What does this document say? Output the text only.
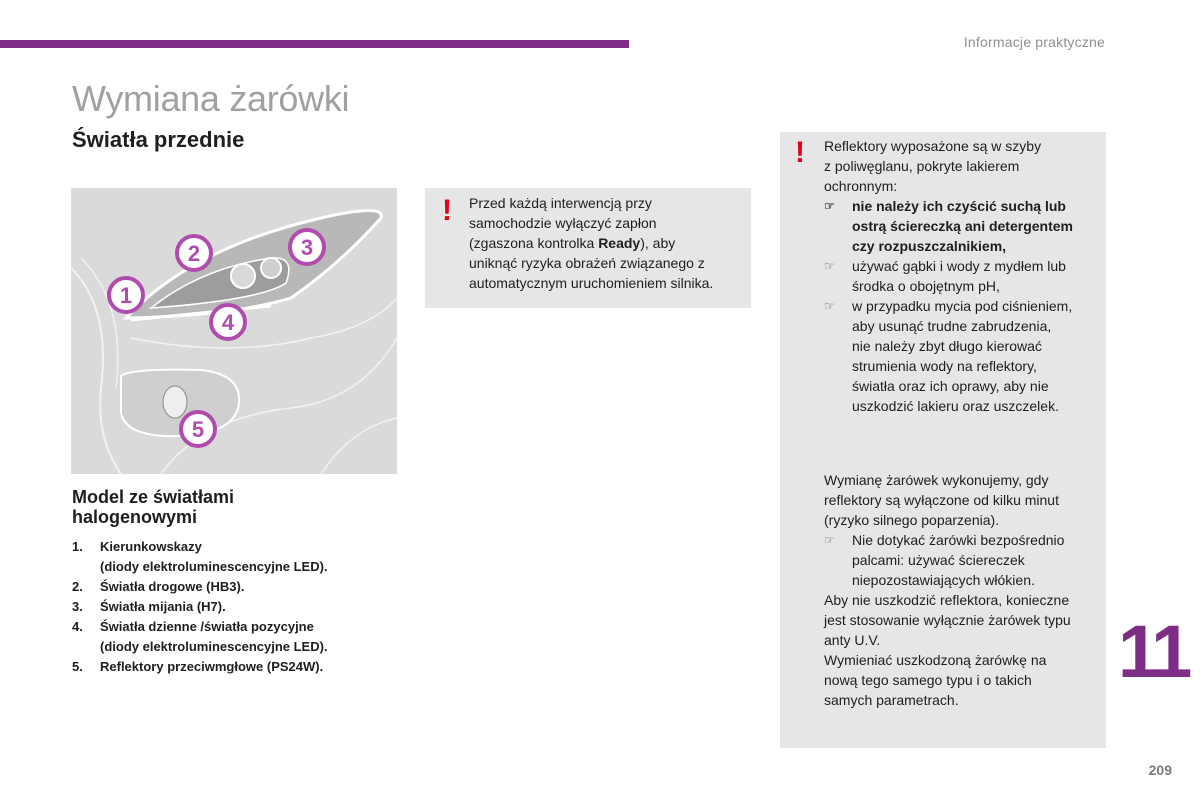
Informacje praktyczne
Wymiana żarówki
Światła przednie
1
2	3
4
5
Model ze światłami
halogenowymi
1.	Kierunkowskazy
(diody elektroluminescencyjne LED).
2.	Światła drogowe (HB3).
3.	Światła mijania (H7).
4.	Światła dzienne /światła pozycyjne
(diody elektroluminescencyjne LED).
5.	Reflektory przeciwmgłowe (PS24W).
! Przed każdą interwencją przy
samochodzie wyłączyć zapłon
(zgaszona kontrolka Ready), aby
uniknąć ryzyka obrażeń związanego z
automatycznym uruchomieniem silnika.

! Reflektory wyposażone są w szyby
z poliwęglanu, pokryte lakierem
ochronnym:

☞ nie należy ich czyścić suchą lub
ostrą ściereczką ani detergentem
czy rozpuszczalnikiem,
☞ używać gąbki i wody z mydłem lub
środka o obojętnym pH,
☞ w przypadku mycia pod ciśnieniem,
aby usunąć trudne zabrudzenia,
nie należy zbyt długo kierować
strumienia wody na reflektory,
światła oraz ich oprawy, aby nie
uszkodzić lakieru oraz uszczelek.

Wymianę żarówek wykonujemy, gdy
reflektory są wyłączone od kilku minut
(ryzyko silnego poparzenia).

☞ Nie dotykać żarówki bezpośrednio
palcami: używać ściereczek
niepozostawiających włókien.

Aby nie uszkodzić reflektora, konieczne
jest stosowanie wyłącznie żarówek typu
anty U.V.

Wymieniać uszkodzoną żarówkę na
nową tego samego typu i o takich
samych parametrach.

11
209
